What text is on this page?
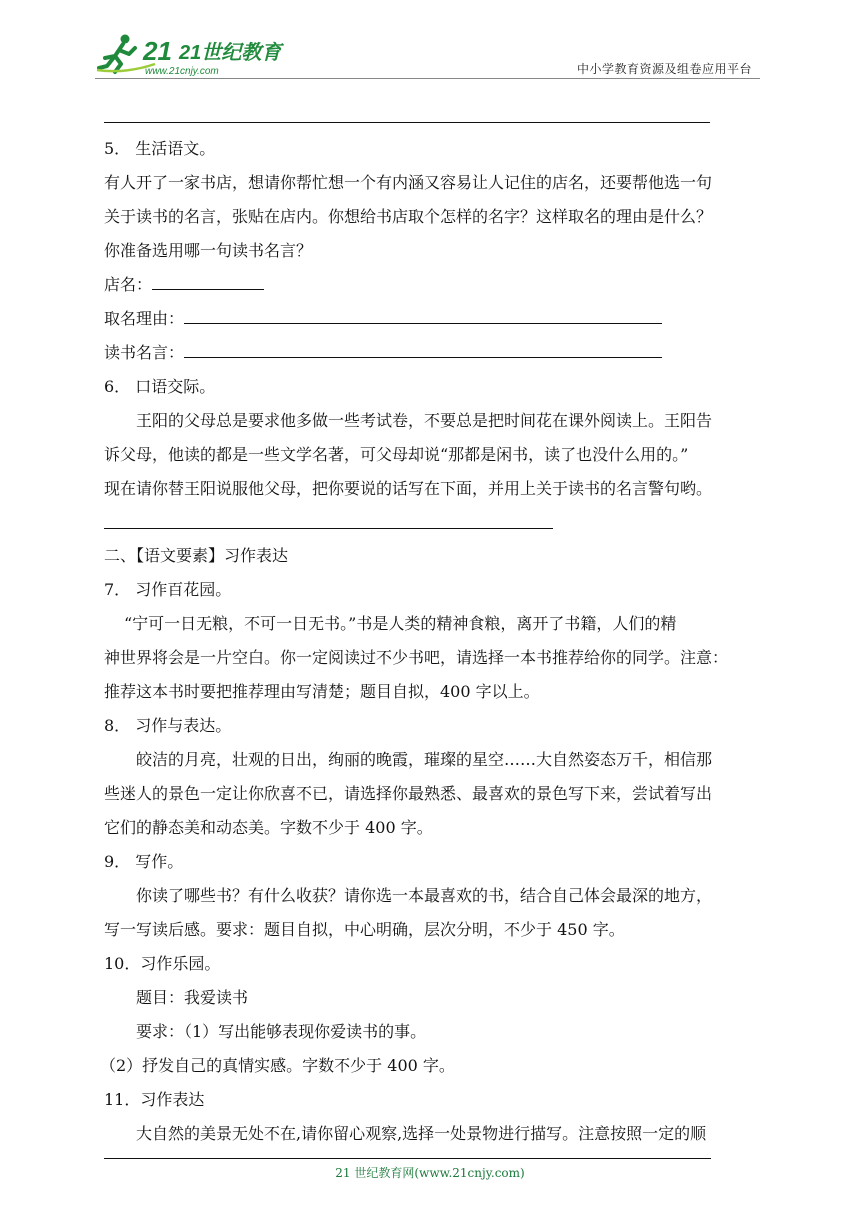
21 21世纪教育
www.21cnjy.com	中小学教育资源及组卷应用平台
5． 生活语文。
有人开了一家书店，想请你帮忙想一个有内涵又容易让人记住的店名，还要帮他选一句
关于读书的名言，张贴在店内。你想给书店取个怎样的名字？这样取名的理由是什么？
你准备选用哪一句读书名言？
店名：
取名理由：
读书名言：
6． 口语交际。
王阳的父母总是要求他多做一些考试卷，不要总是把时间花在课外阅读上。王阳告
诉父母，他读的都是一些文学名著，可父母却说“那都是闲书，读了也没什么用的。”
现在请你替王阳说服他父母，把你要说的话写在下面，并用上关于读书的名言警句哟。
二、【语文要素】习作表达
7． 习作百花园。
“宁可一日无粮，不可一日无书。”书是人类的精神食粮，离开了书籍，人们的精
神世界将会是一片空白。你一定阅读过不少书吧，请选择一本书推荐给你的同学。注意：
推荐这本书时要把推荐理由写清楚；题目自拟，400 字以上。
8． 习作与表达。
皎洁的月亮，壮观的日出，绚丽的晚霞，璀璨的星空……大自然姿态万千，相信那
些迷人的景色一定让你欣喜不已，请选择你最熟悉、最喜欢的景色写下来，尝试着写出
它们的静态美和动态美。字数不少于 400 字。
9． 写作。
你读了哪些书？有什么收获？请你选一本最喜欢的书，结合自己体会最深的地方，
写一写读后感。要求：题目自拟，中心明确，层次分明，不少于 450 字。
10．习作乐园。
题目：我爱读书
要求：（1）写出能够表现你爱读书的事。
（2）抒发自己的真情实感。字数不少于 400 字。
11．习作表达
大自然的美景无处不在,请你留心观察,选择一处景物进行描写。注意按照一定的顺
21 世纪教育网(www.21cnjy.com)
